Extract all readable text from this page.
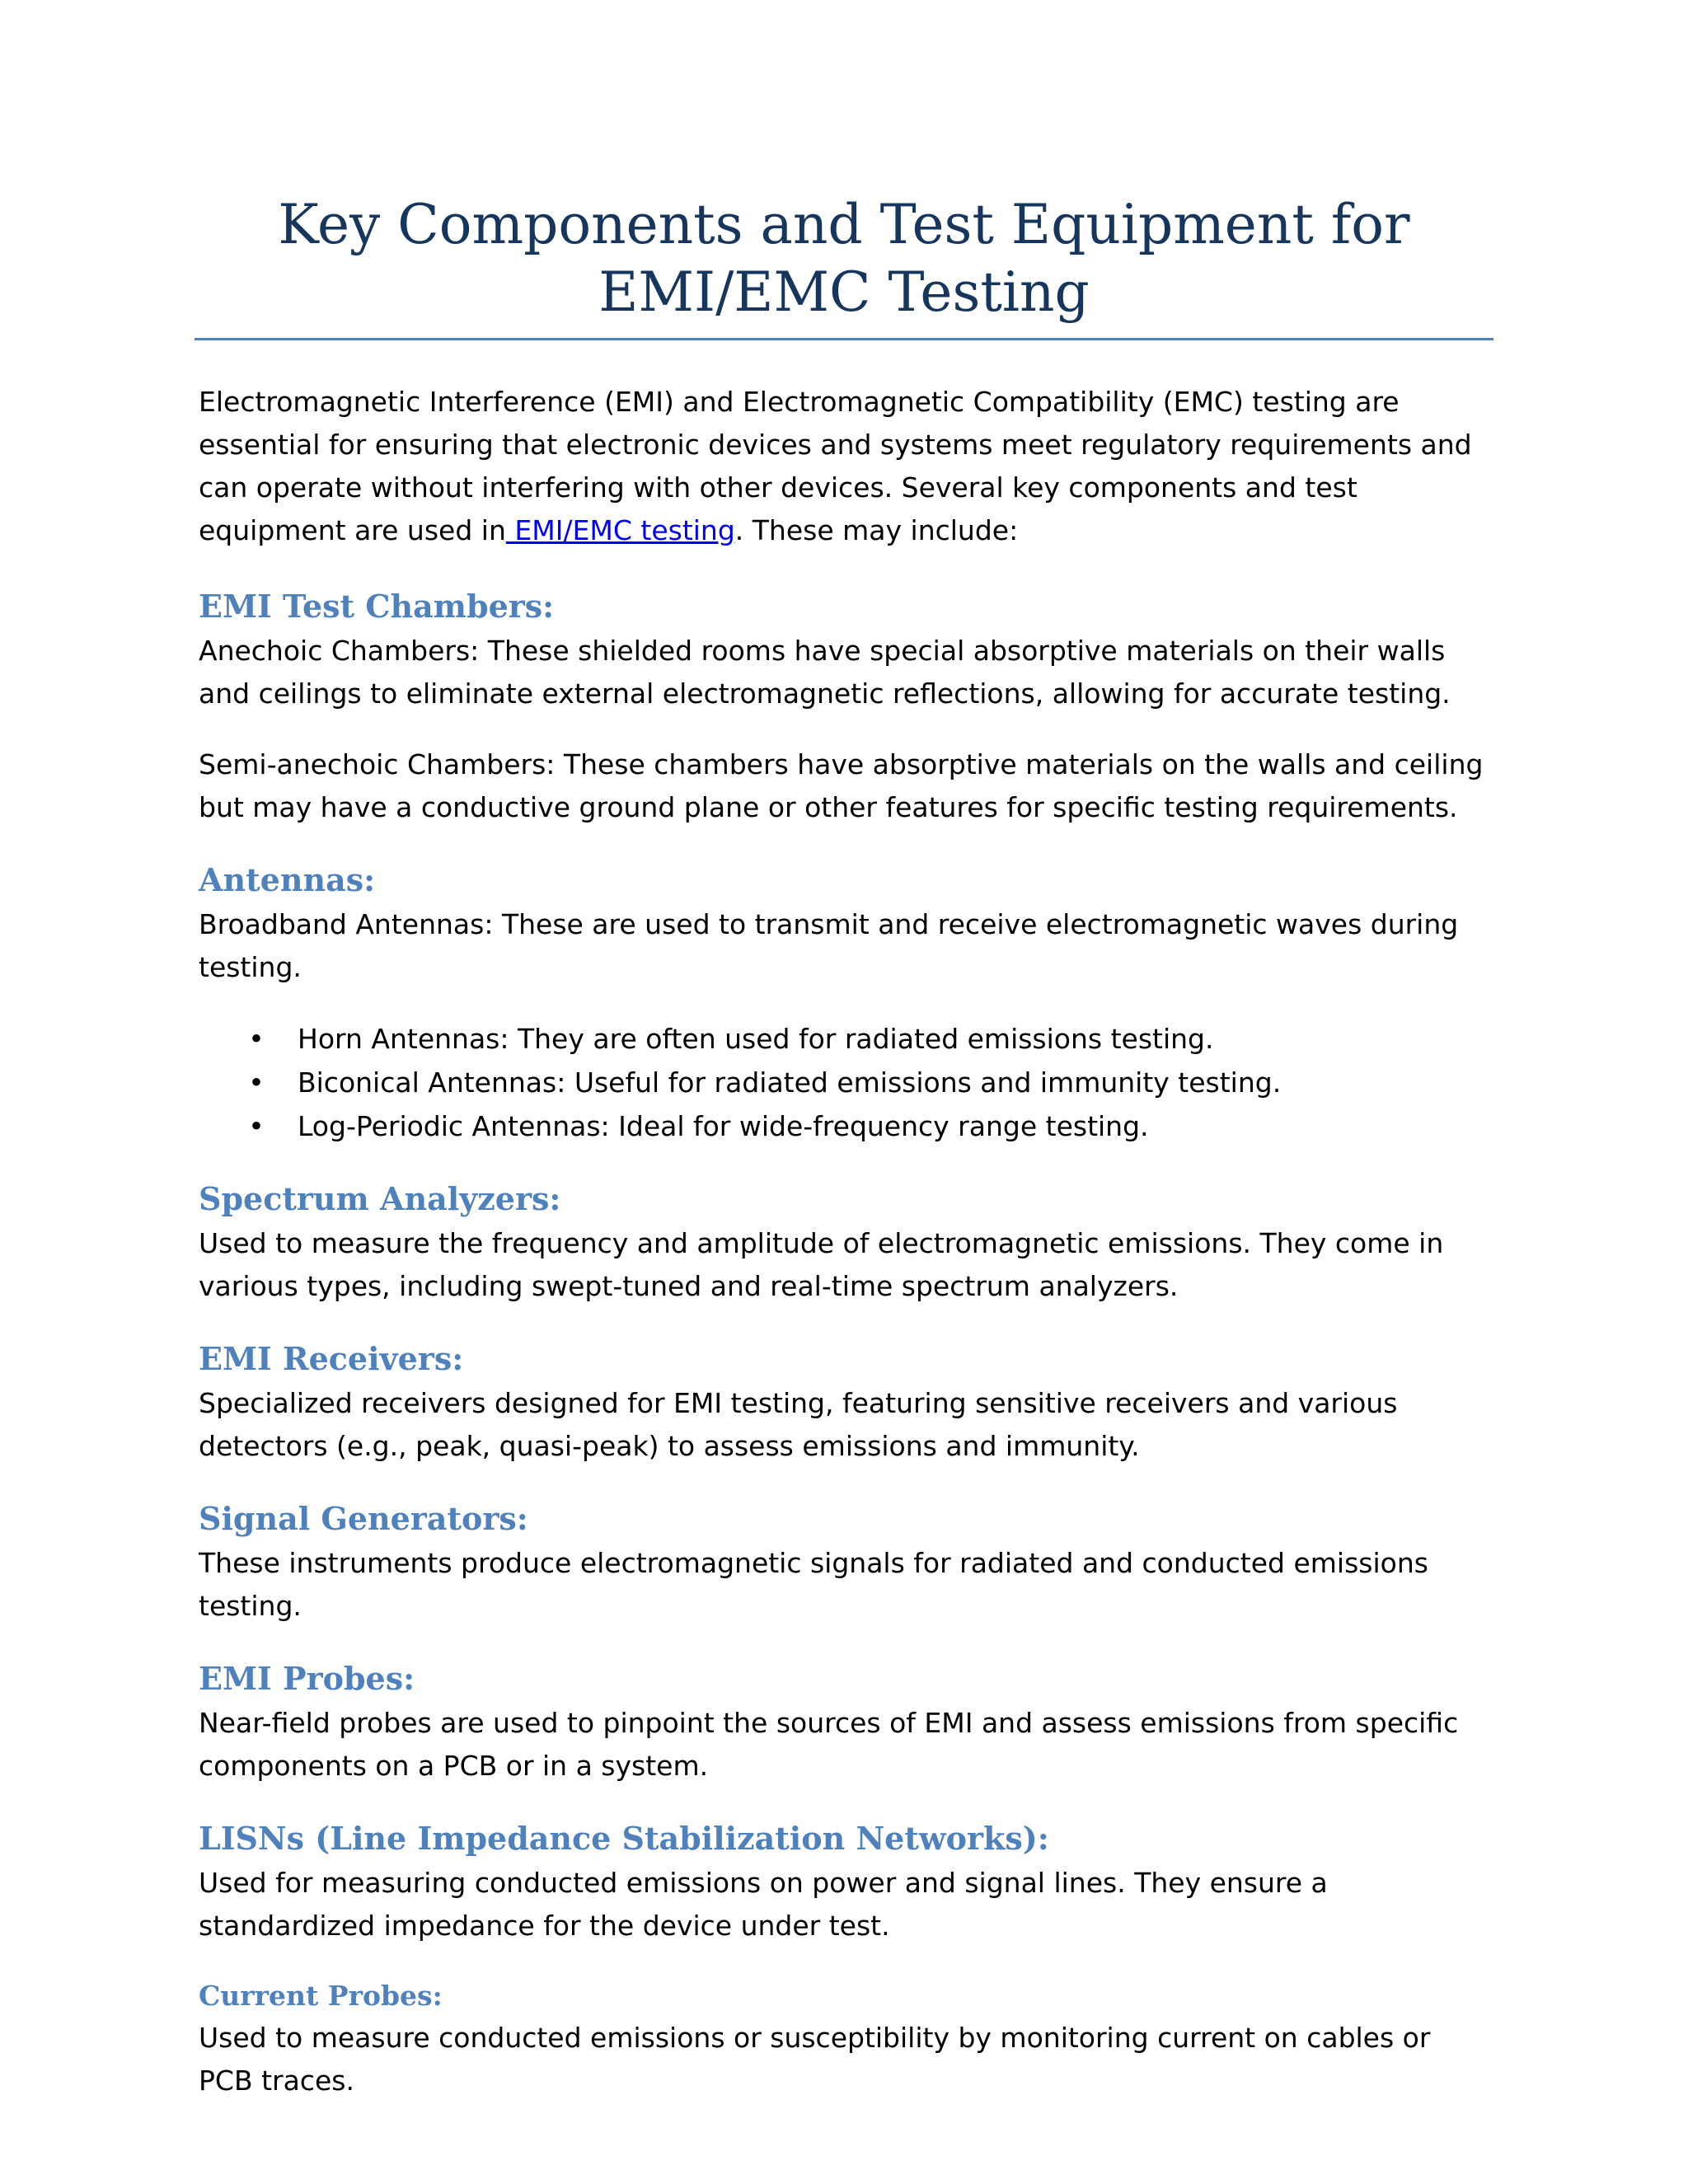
Key Components and Test Equipment for EMI/EMC Testing

Electromagnetic Interference (EMI) and Electromagnetic Compatibility (EMC) testing are essential for ensuring that electronic devices and systems meet regulatory requirements and can operate without interfering with other devices. Several key components and test equipment are used in EMI/EMC testing. These may include:

EMI Test Chambers:

Anechoic Chambers: These shielded rooms have special absorptive materials on their walls and ceilings to eliminate external electromagnetic reflections, allowing for accurate testing.

Semi-anechoic Chambers: These chambers have absorptive materials on the walls and ceiling but may have a conductive ground plane or other features for specific testing requirements.

Antennas:

Broadband Antennas: These are used to transmit and receive electromagnetic waves during testing.

• Horn Antennas: They are often used for radiated emissions testing.
• Biconical Antennas: Useful for radiated emissions and immunity testing.
• Log-Periodic Antennas: Ideal for wide-frequency range testing.
Spectrum Analyzers:

Used to measure the frequency and amplitude of electromagnetic emissions. They come in various types, including swept-tuned and real-time spectrum analyzers.

EMI Receivers:

Specialized receivers designed for EMI testing, featuring sensitive receivers and various detectors (e.g., peak, quasi-peak) to assess emissions and immunity.

Signal Generators:

These instruments produce electromagnetic signals for radiated and conducted emissions testing.

EMI Probes:

Near-field probes are used to pinpoint the sources of EMI and assess emissions from specific components on a PCB or in a system.

LISNs (Line Impedance Stabilization Networks):

Used for measuring conducted emissions on power and signal lines. They ensure a standardized impedance for the device under test.

Current Probes:

Used to measure conducted emissions or susceptibility by monitoring current on cables or PCB traces.
